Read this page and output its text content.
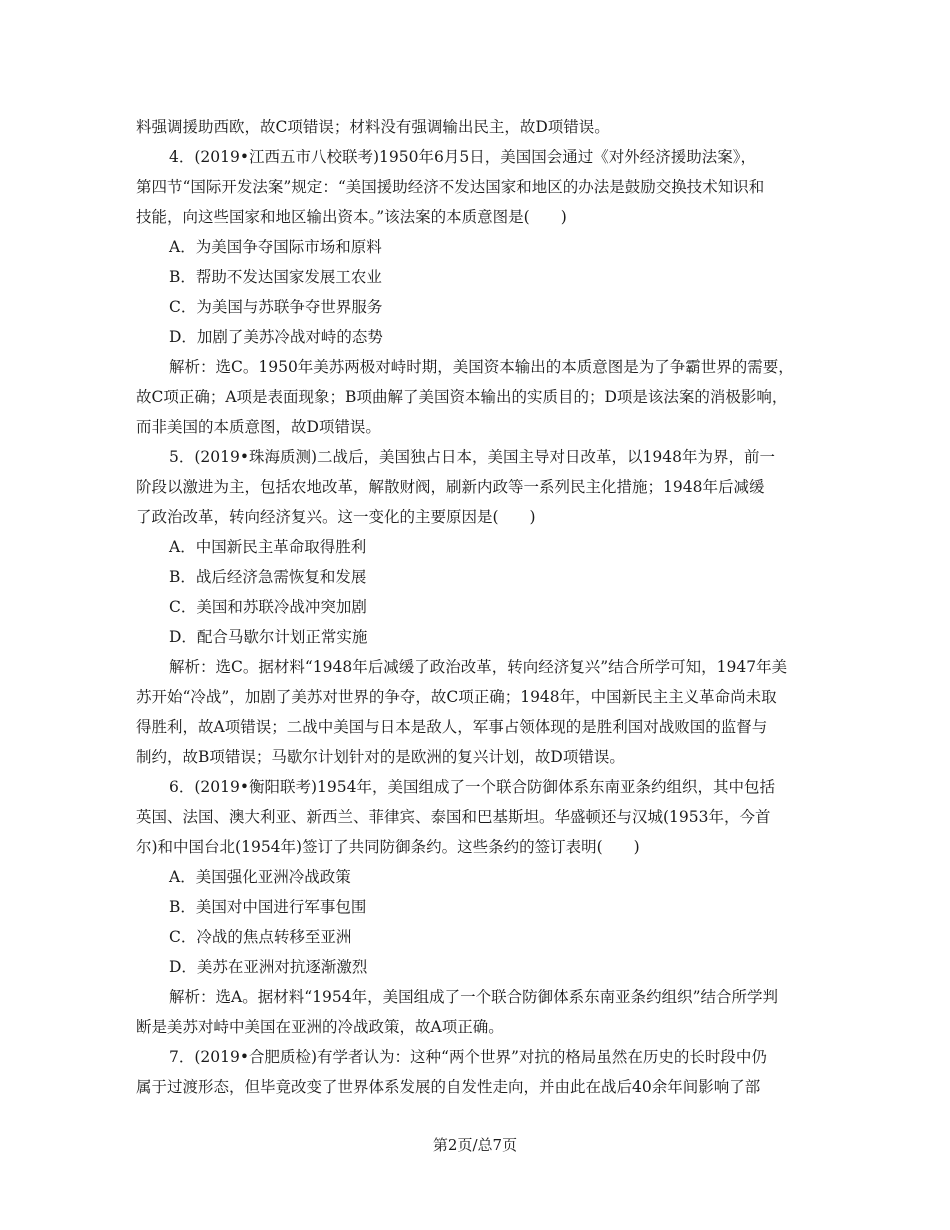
料强调援助西欧，故C项错误；材料没有强调输出民主，故D项错误。
4．(2019•江西五市八校联考)1950年6月5日，美国国会通过《对外经济援助法案》，
第四节“国际开发法案”规定：“美国援助经济不发达国家和地区的办法是鼓励交换技术知识和
技能，向这些国家和地区输出资本。”该法案的本质意图是(　　)
A．为美国争夺国际市场和原料
B．帮助不发达国家发展工农业
C．为美国与苏联争夺世界服务
D．加剧了美苏冷战对峙的态势
解析：选C。1950年美苏两极对峙时期，美国资本输出的本质意图是为了争霸世界的需要，
故C项正确；A项是表面现象；B项曲解了美国资本输出的实质目的；D项是该法案的消极影响，
而非美国的本质意图，故D项错误。
5．(2019•珠海质测)二战后，美国独占日本，美国主导对日改革，以1948年为界，前一
阶段以激进为主，包括农地改革，解散财阀，刷新内政等一系列民主化措施；1948年后减缓
了政治改革，转向经济复兴。这一变化的主要原因是(　　)
A．中国新民主革命取得胜利
B．战后经济急需恢复和发展
C．美国和苏联冷战冲突加剧
D．配合马歇尔计划正常实施
解析：选C。据材料“1948年后减缓了政治改革，转向经济复兴”结合所学可知，1947年美
苏开始“冷战”，加剧了美苏对世界的争夺，故C项正确；1948年，中国新民主主义革命尚未取
得胜利，故A项错误；二战中美国与日本是敌人，军事占领体现的是胜利国对战败国的监督与
制约，故B项错误；马歇尔计划针对的是欧洲的复兴计划，故D项错误。
6．(2019•衡阳联考)1954年，美国组成了一个联合防御体系东南亚条约组织，其中包括
英国、法国、澳大利亚、新西兰、菲律宾、泰国和巴基斯坦。华盛顿还与汉城(1953年，今首
尔)和中国台北(1954年)签订了共同防御条约。这些条约的签订表明(　　)
A．美国强化亚洲冷战政策
B．美国对中国进行军事包围
C．冷战的焦点转移至亚洲
D．美苏在亚洲对抗逐渐激烈
解析：选A。据材料“1954年，美国组成了一个联合防御体系东南亚条约组织”结合所学判
断是美苏对峙中美国在亚洲的冷战政策，故A项正确。
7．(2019•合肥质检)有学者认为：这种“两个世界”对抗的格局虽然在历史的长时段中仍
属于过渡形态，但毕竟改变了世界体系发展的自发性走向，并由此在战后40余年间影响了部
第2页/总7页
